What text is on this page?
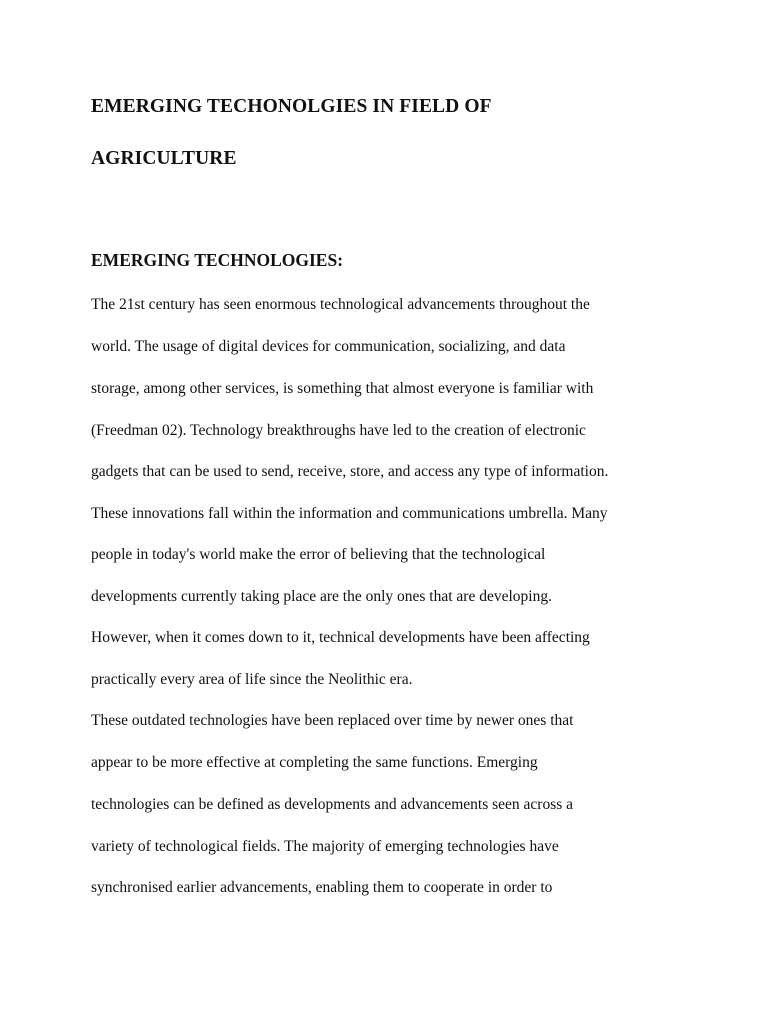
EMERGING TECHONOLGIES IN FIELD OF
AGRICULTURE
EMERGING TECHNOLOGIES:

The 21st century has seen enormous technological advancements throughout the

world. The usage of digital devices for communication, socializing, and data

storage, among other services, is something that almost everyone is familiar with

(Freedman 02). Technology breakthroughs have led to the creation of electronic

gadgets that can be used to send, receive, store, and access any type of information.

These innovations fall within the information and communications umbrella. Many

people in today's world make the error of believing that the technological

developments currently taking place are the only ones that are developing.

However, when it comes down to it, technical developments have been affecting

practically every area of life since the Neolithic era.

These outdated technologies have been replaced over time by newer ones that

appear to be more effective at completing the same functions. Emerging

technologies can be defined as developments and advancements seen across a

variety of technological fields. The majority of emerging technologies have

synchronised earlier advancements, enabling them to cooperate in order to
